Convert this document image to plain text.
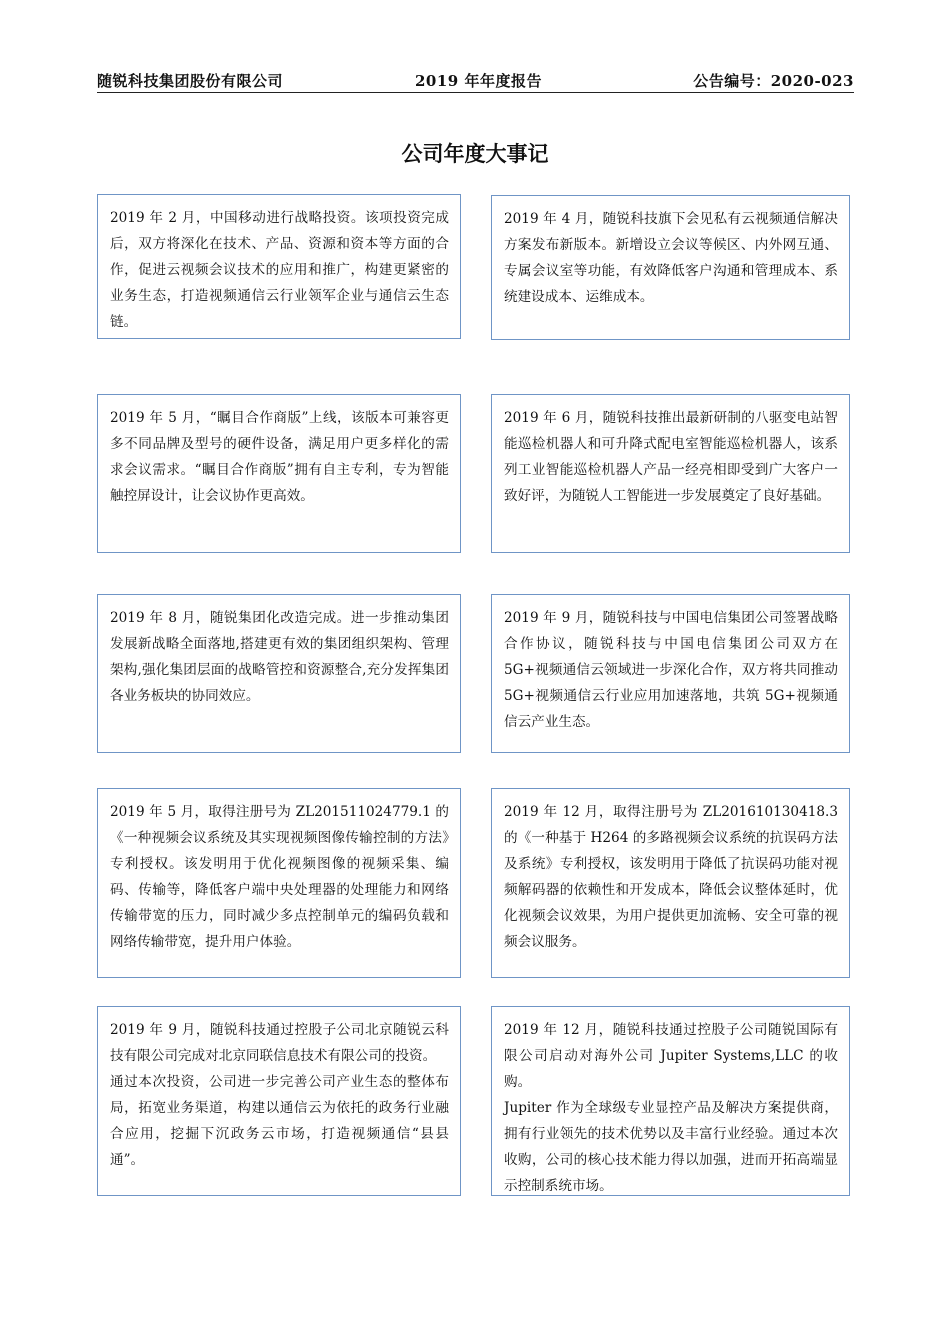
随锐科技集团股份有限公司	2019 年年度报告	公告编号：2020-023
公司年度大事记

2019 年 2 月，中国移动进行战略投资。该项投资完成后，双方将深化在技术、产品、资源和资本等方面的合作，促进云视频会议技术的应用和推广，构建更紧密的业务生态，打造视频通信云行业领军企业与通信云生态链。

2019 年 4 月，随锐科技旗下会见私有云视频通信解决方案发布新版本。新增设立会议等候区、内外网互通、专属会议室等功能，有效降低客户沟通和管理成本、系统建设成本、运维成本。

2019 年 5 月，“瞩目合作商版”上线，该版本可兼容更多不同品牌及型号的硬件设备，满足用户更多样化的需求会议需求。“瞩目合作商版”拥有自主专利，专为智能触控屏设计，让会议协作更高效。

2019 年 6 月，随锐科技推出最新研制的八驱变电站智能巡检机器人和可升降式配电室智能巡检机器人，该系列工业智能巡检机器人产品一经亮相即受到广大客户一致好评，为随锐人工智能进一步发展奠定了良好基础。

2019 年 8 月，随锐集团化改造完成。进一步推动集团发展新战略全面落地,搭建更有效的集团组织架构、管理架构,强化集团层面的战略管控和资源整合,充分发挥集团各业务板块的协同效应。

2019 年 9 月，随锐科技与中国电信集团公司签署战略合作协议，随锐科技与中国电信集团公司双方在 5G+视频通信云领域进一步深化合作，双方将共同推动 5G+视频通信云行业应用加速落地，共筑 5G+视频通信云产业生态。

2019 年 5 月，取得注册号为 ZL201511024779.1 的《一种视频会议系统及其实现视频图像传输控制的方法》专利授权。该发明用于优化视频图像的视频采集、编码、传输等，降低客户端中央处理器的处理能力和网络传输带宽的压力，同时减少多点控制单元的编码负载和网络传输带宽，提升用户体验。

2019 年 12 月，取得注册号为 ZL201610130418.3 的《一种基于 H264 的多路视频会议系统的抗误码方法及系统》专利授权，该发明用于降低了抗误码功能对视频解码器的依赖性和开发成本，降低会议整体延时，优化视频会议效果，为用户提供更加流畅、安全可靠的视频会议服务。

2019 年 9 月，随锐科技通过控股子公司北京随锐云科技有限公司完成对北京同联信息技术有限公司的投资。

通过本次投资，公司进一步完善公司产业生态的整体布局，拓宽业务渠道，构建以通信云为依托的政务行业融合应用，挖掘下沉政务云市场，打造视频通信“县县通”。

2019 年 12 月，随锐科技通过控股子公司随锐国际有限公司启动对海外公司 Jupiter Systems,LLC 的收购。

Jupiter 作为全球级专业显控产品及解决方案提供商，拥有行业领先的技术优势以及丰富行业经验。通过本次收购，公司的核心技术能力得以加强，进而开拓高端显示控制系统市场。
